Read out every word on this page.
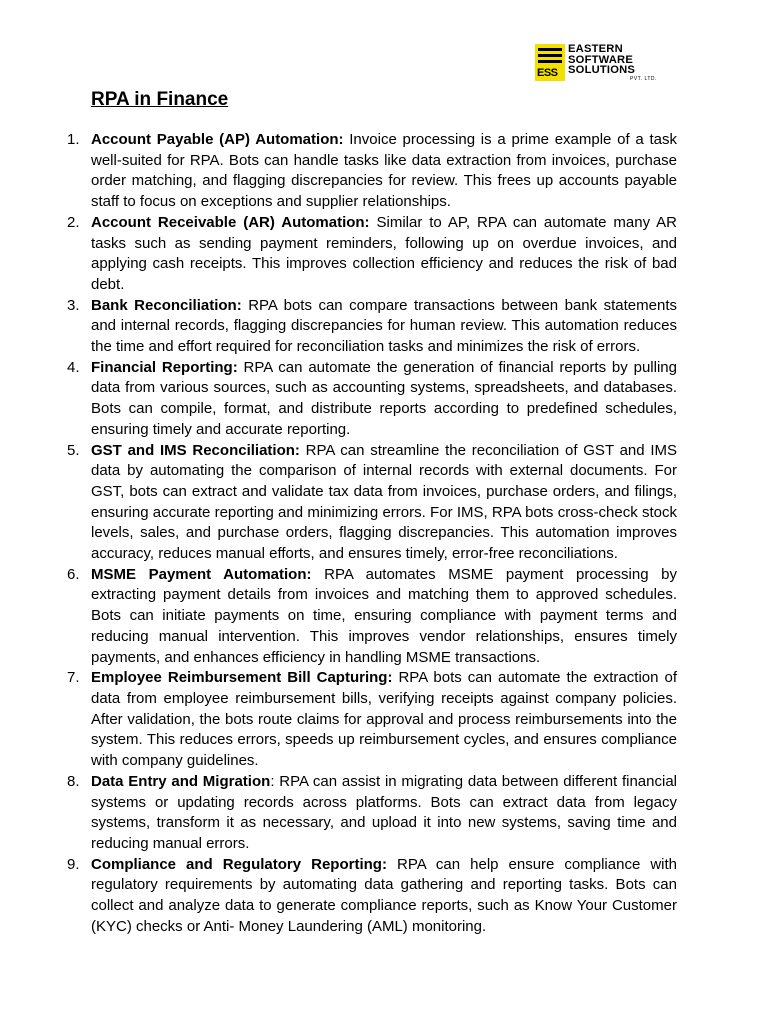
ESS
EASTERN
SOFTWARE
SOLUTIONS
PVT. LTD.
RPA in Finance
1. Account Payable (AP) Automation: Invoice processing is a prime example of a task well-suited for RPA. Bots can handle tasks like data extraction from invoices, purchase order matching, and flagging discrepancies for review. This frees up accounts payable staff to focus on exceptions and supplier relationships.
2. Account Receivable (AR) Automation: Similar to AP, RPA can automate many AR tasks such as sending payment reminders, following up on overdue invoices, and applying cash receipts. This improves collection efficiency and reduces the risk of bad debt.
3. Bank Reconciliation: RPA bots can compare transactions between bank statements and internal records, flagging discrepancies for human review. This automation reduces the time and effort required for reconciliation tasks and minimizes the risk of errors.
4. Financial Reporting: RPA can automate the generation of financial reports by pulling data from various sources, such as accounting systems, spreadsheets, and databases. Bots can compile, format, and distribute reports according to predefined schedules, ensuring timely and accurate reporting.
5. GST and IMS Reconciliation: RPA can streamline the reconciliation of GST and IMS data by automating the comparison of internal records with external documents. For GST, bots can extract and validate tax data from invoices, purchase orders, and filings, ensuring accurate reporting and minimizing errors. For IMS, RPA bots cross-check stock levels, sales, and purchase orders, flagging discrepancies. This automation improves accuracy, reduces manual efforts, and ensures timely, error-free reconciliations.
6. MSME Payment Automation: RPA automates MSME payment processing by extracting payment details from invoices and matching them to approved schedules. Bots can initiate payments on time, ensuring compliance with payment terms and reducing manual intervention. This improves vendor relationships, ensures timely payments, and enhances efficiency in handling MSME transactions.
7. Employee Reimbursement Bill Capturing: RPA bots can automate the extraction of data from employee reimbursement bills, verifying receipts against company policies. After validation, the bots route claims for approval and process reimbursements into the system. This reduces errors, speeds up reimbursement cycles, and ensures compliance with company guidelines.
8. Data Entry and Migration: RPA can assist in migrating data between different financial systems or updating records across platforms. Bots can extract data from legacy systems, transform it as necessary, and upload it into new systems, saving time and reducing manual errors.
9. Compliance and Regulatory Reporting: RPA can help ensure compliance with regulatory requirements by automating data gathering and reporting tasks. Bots can collect and analyze data to generate compliance reports, such as Know Your Customer (KYC) checks or Anti- Money Laundering (AML) monitoring.
